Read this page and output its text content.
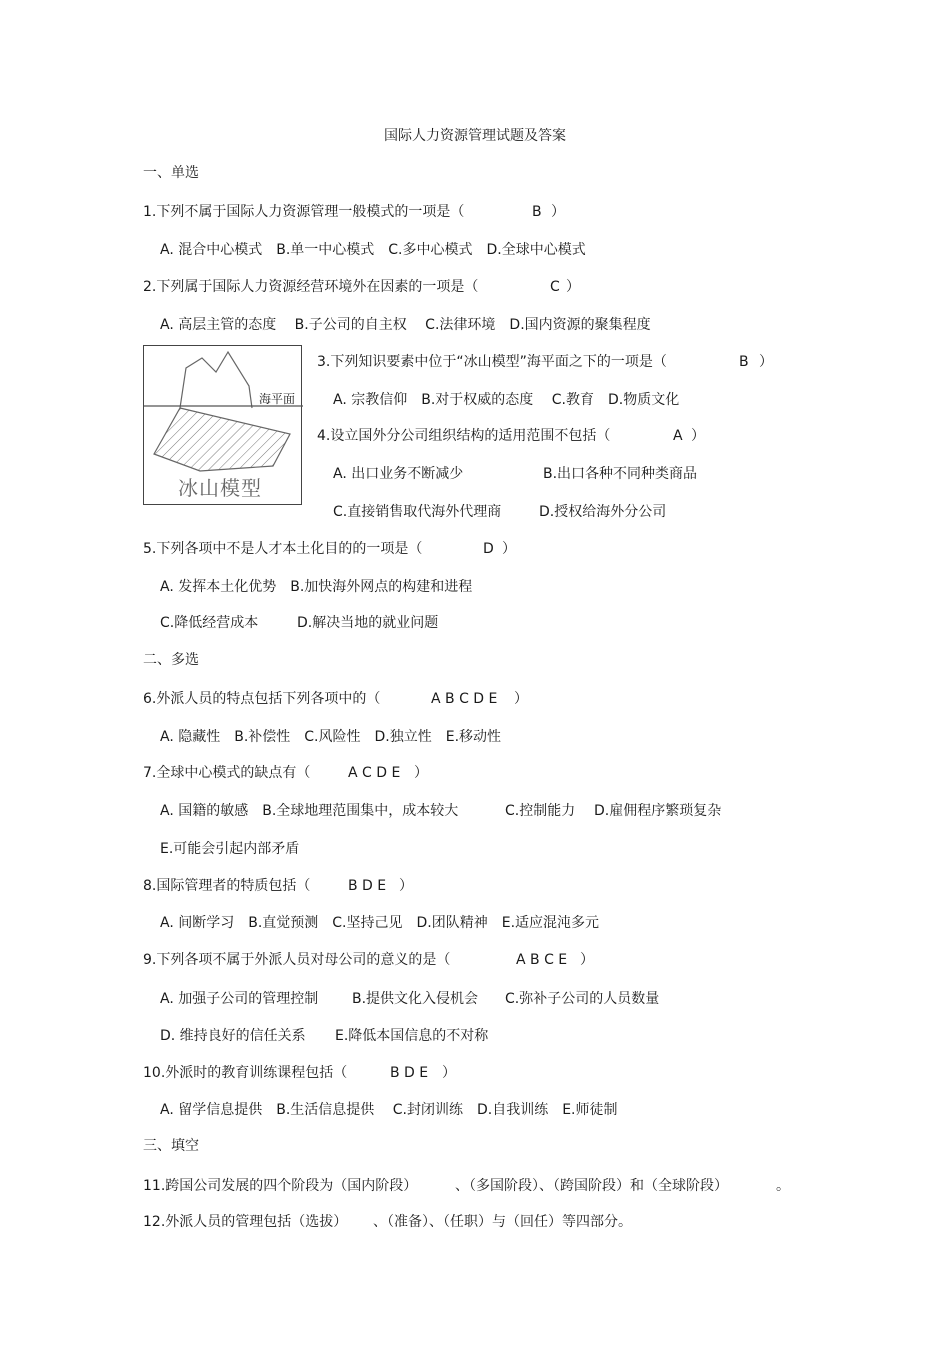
国际人力资源管理试题及答案
一、单选
1.下列不属于国际人力资源管理一般模式的一项是（	B ）
A. 混合中心模式　B.单一中心模式　C.多中心模式　D.全球中心模式
2.下列属于国际人力资源经营环境外在因素的一项是（	C ）
A. 高层主管的态度　 B.子公司的自主权　 C.法律环境　D.国内资源的聚集程度
海平面
冰山模型
3.下列知识要素中位于“冰山模型”海平面之下的一项是（	B ）
A. 宗教信仰　B.对于权威的态度　 C.教育　D.物质文化
4.设立国外分公司组织结构的适用范围不包括（	A ）
A. 出口业务不断减少	B.出口各种不同种类商品
C.直接销售取代海外代理商	D.授权给海外分公司
5.下列各项中不是人才本土化目的的一项是（	D ）
A. 发挥本土化优势　B.加快海外网点的构建和进程
C.降低经营成本	D.解决当地的就业问题
二、多选
6.外派人员的特点包括下列各项中的（	A B C D E ）
A. 隐藏性　B.补偿性　C.风险性　D.独立性　E.移动性
7.全球中心模式的缺点有（	A C D E ）
A. 国籍的敏感　B.全球地理范围集中，成本较大	C.控制能力 D.雇佣程序繁琐复杂
E.可能会引起内部矛盾
8.国际管理者的特质包括（	B D E ）
A. 间断学习　B.直觉预测　C.坚持己见　D.团队精神　E.适应混沌多元
9.下列各项不属于外派人员对母公司的意义的是（	A B C E ）
A. 加强子公司的管理控制 B.提供文化入侵机会 C.弥补子公司的人员数量
D. 维持良好的信任关系 E.降低本国信息的不对称
10.外派时的教育训练课程包括（	B D E ）
A. 留学信息提供　B.生活信息提供　 C.封闭训练　D.自我训练　E.师徒制
三、填空
11.跨国公司发展的四个阶段为（国内阶段）	、（多国阶段）、（跨国阶段）和（全球阶段）	。
12.外派人员的管理包括（选拔） 、（准备）、（任职）与（回任）等四部分。
